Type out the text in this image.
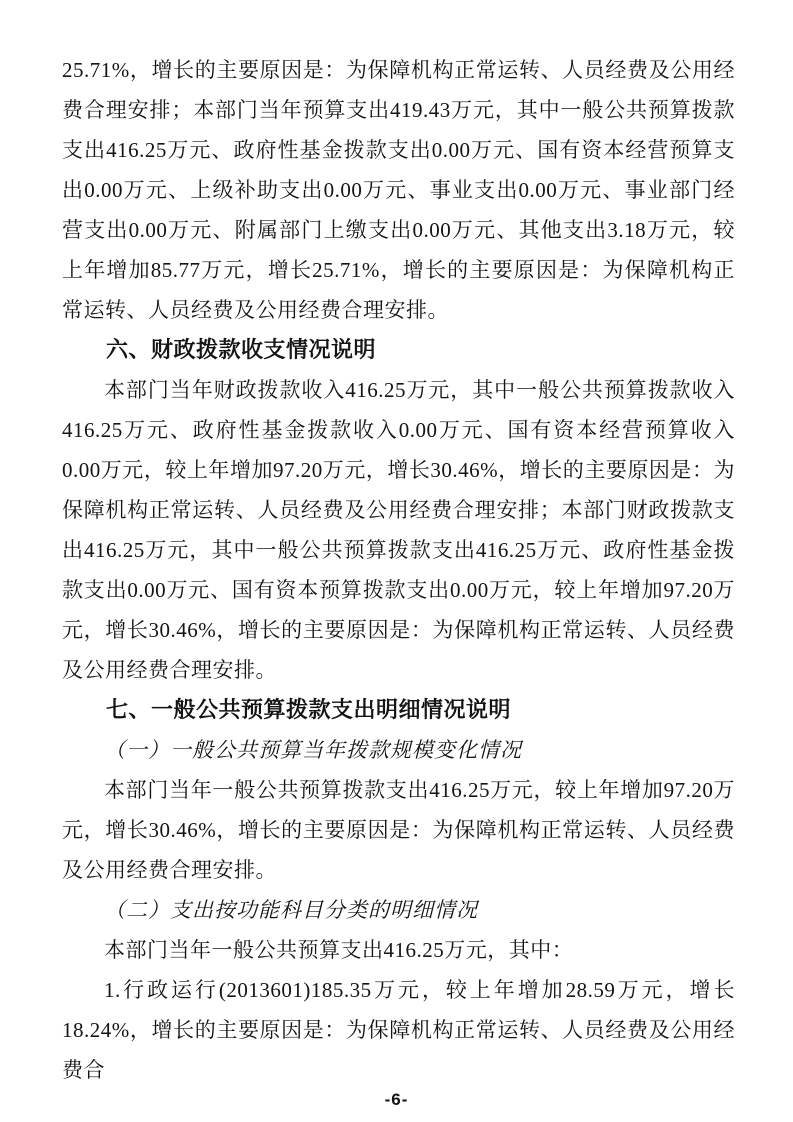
25.71%，增长的主要原因是：为保障机构正常运转、人员经费及公用经费合理安排；本部门当年预算支出419.43万元，其中一般公共预算拨款支出416.25万元、政府性基金拨款支出0.00万元、国有资本经营预算支出0.00万元、上级补助支出0.00万元、事业支出0.00万元、事业部门经营支出0.00万元、附属部门上缴支出0.00万元、其他支出3.18万元，较上年增加85.77万元，增长25.71%，增长的主要原因是：为保障机构正常运转、人员经费及公用经费合理安排。

六、财政拨款收支情况说明

本部门当年财政拨款收入416.25万元，其中一般公共预算拨款收入416.25万元、政府性基金拨款收入0.00万元、国有资本经营预算收入0.00万元，较上年增加97.20万元，增长30.46%，增长的主要原因是：为保障机构正常运转、人员经费及公用经费合理安排；本部门财政拨款支出416.25万元，其中一般公共预算拨款支出416.25万元、政府性基金拨款支出0.00万元、国有资本预算拨款支出0.00万元，较上年增加97.20万元，增长30.46%，增长的主要原因是：为保障机构正常运转、人员经费及公用经费合理安排。

七、一般公共预算拨款支出明细情况说明

（一）一般公共预算当年拨款规模变化情况

本部门当年一般公共预算拨款支出416.25万元，较上年增加97.20万元，增长30.46%，增长的主要原因是：为保障机构正常运转、人员经费及公用经费合理安排。

（二）支出按功能科目分类的明细情况

本部门当年一般公共预算支出416.25万元，其中：

1.行政运行(2013601)185.35万元，较上年增加28.59万元，增长18.24%，增长的主要原因是：为保障机构正常运转、人员经费及公用经费合

-6-
